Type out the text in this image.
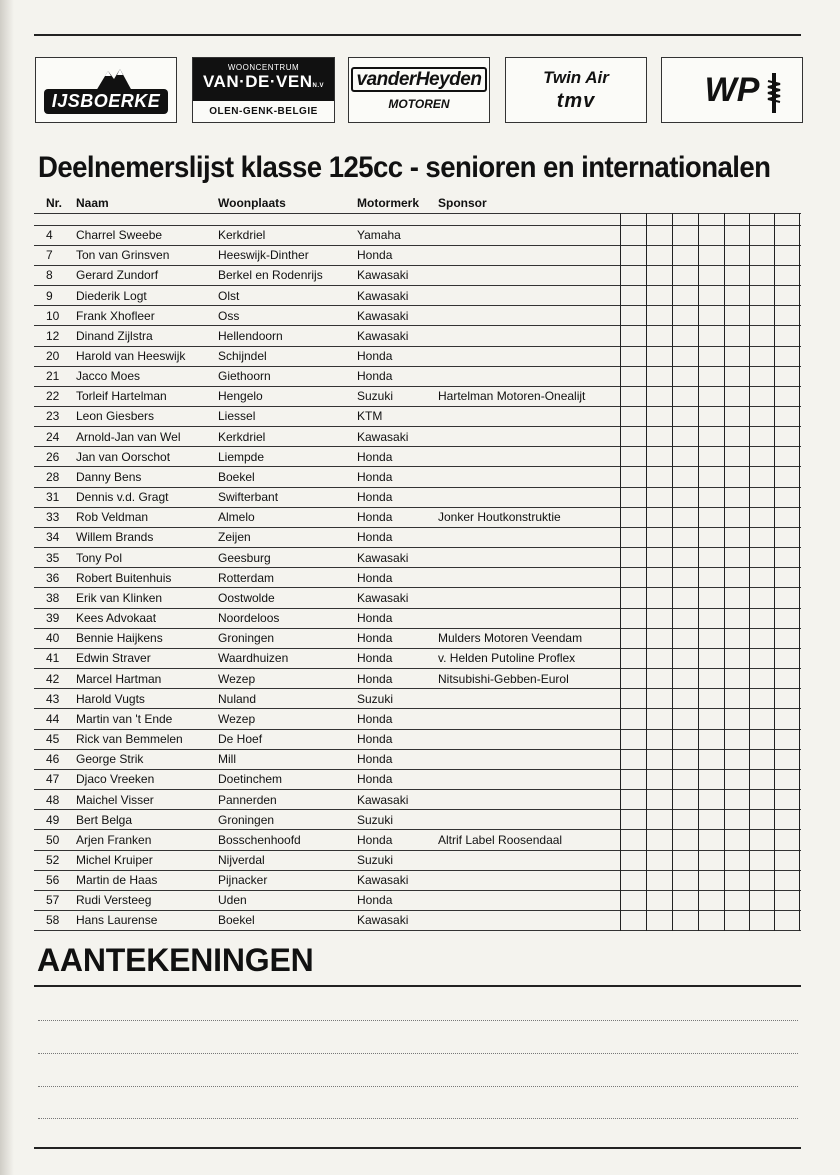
IJSBOERKE
WOONCENTRUM
VAN·DE·VENN.V
OLEN-GENK-BELGIE
vanderHeyden
MOTOREN
Twin Air
tmv	WP
Deelnemerslijst klasse 125cc - senioren en internationalen
Nr. Naam	Woonplaats	Motormerk Sponsor
4 Charrel Sweebe	Kerkdriel	Yamaha
7 Ton van Grinsven	Heeswijk-Dinther	Honda
8 Gerard Zundorf	Berkel en Rodenrijs	Kawasaki
9 Diederik Logt	Olst	Kawasaki
10 Frank Xhofleer	Oss	Kawasaki
12 Dinand Zijlstra	Hellendoorn	Kawasaki
20 Harold van Heeswijk	Schijndel	Honda
21 Jacco Moes	Giethoorn	Honda
22 Torleif Hartelman	Hengelo	Suzuki	Hartelman Motoren-Onealijt
23 Leon Giesbers	Liessel	KTM
24 Arnold-Jan van Wel	Kerkdriel	Kawasaki
26 Jan van Oorschot	Liempde	Honda
28 Danny Bens	Boekel	Honda
31 Dennis v.d. Gragt	Swifterbant	Honda
33 Rob Veldman	Almelo	Honda	Jonker Houtkonstruktie
34 Willem Brands	Zeijen	Honda
35 Tony Pol	Geesburg	Kawasaki
36 Robert Buitenhuis	Rotterdam	Honda
38 Erik van Klinken	Oostwolde	Kawasaki
39 Kees Advokaat	Noordeloos	Honda
40 Bennie Haijkens	Groningen	Honda	Mulders Motoren Veendam
41 Edwin Straver	Waardhuizen	Honda	v. Helden Putoline Proflex
42 Marcel Hartman	Wezep	Honda	Nitsubishi-Gebben-Eurol
43 Harold Vugts	Nuland	Suzuki
44 Martin van 't Ende	Wezep	Honda
45 Rick van Bemmelen	De Hoef	Honda
46 George Strik	Mill	Honda
47 Djaco Vreeken	Doetinchem	Honda
48 Maichel Visser	Pannerden	Kawasaki
49 Bert Belga	Groningen	Suzuki
50 Arjen Franken	Bosschenhoofd	Honda	Altrif Label Roosendaal
52 Michel Kruiper	Nijverdal	Suzuki
56 Martin de Haas	Pijnacker	Kawasaki
57 Rudi Versteeg	Uden	Honda
58 Hans Laurense	Boekel	Kawasaki
AANTEKENINGEN
